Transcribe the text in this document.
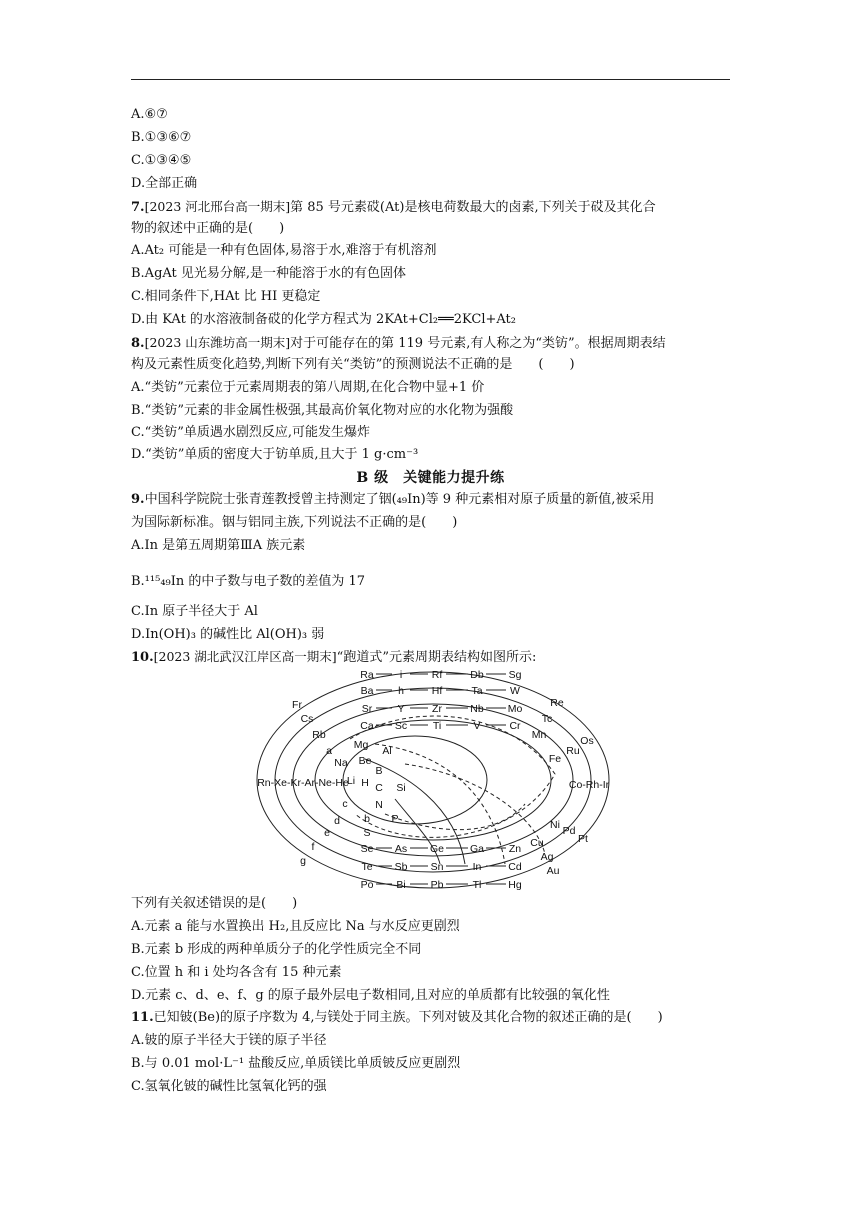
A.⑥⑦
B.①③⑥⑦
C.①③④⑤
D.全部正确
7.[2023 河北邢台高一期末]第 85 号元素砹(At)是核电荷数最大的卤素,下列关于砹及其化合
物的叙述中正确的是(　　)
A.At₂ 可能是一种有色固体,易溶于水,难溶于有机溶剂
B.AgAt 见光易分解,是一种能溶于水的有色固体
C.相同条件下,HAt 比 HI 更稳定
D.由 KAt 的水溶液制备砹的化学方程式为 2KAt+Cl₂══2KCl+At₂
8.[2023 山东潍坊高一期末]对于可能存在的第 119 号元素,有人称之为“类钫”。根据周期表结
构及元素性质变化趋势,判断下列有关“类钫”的预测说法不正确的是　　(　　)
A.“类钫”元素位于元素周期表的第八周期,在化合物中显+1 价
B.“类钫”元素的非金属性极强,其最高价氧化物对应的水化物为强酸
C.“类钫”单质遇水剧烈反应,可能发生爆炸
D.“类钫”单质的密度大于钫单质,且大于 1 g·cm⁻³
B 级　关键能力提升练
9.中国科学院院士张青莲教授曾主持测定了铟(₄₉In)等 9 种元素相对原子质量的新值,被采用
为国际新标准。铟与铝同主族,下列说法不正确的是(　　)
A.In 是第五周期第ⅢA 族元素
B.¹¹⁵₄₉In 的中子数与电子数的差值为 17
C.In 原子半径大于 Al
D.In(OH)₃ 的碱性比 Al(OH)₃ 弱
10.[2023 湖北武汉江岸区高一期末]“跑道式”元素周期表结构如图所示:
Ra i	Rf	Db Sg
Ba h	Hf	Ta	W
Sr Y	Zr	Nb Mo
Ca Sc Ti	V	Cr
Se As Ge Ga Zn
Te Sb Sn	In	Cd
Po Bi Pb	Tl	Hg
Rn-Xe-Kr-Ar-Ne-He
Fr
Cs
Rb
a
Na
Li H
Mg Al
Be
B
C Si
N
P
b
S
c
d
e
f
g
Re
Tc
Mn	Os
Ru
Fe
Co-Rh-Ir
Ni Pd
Pt
Cu
Ag
Au
下列有关叙述错误的是(　　)
A.元素 a 能与水置换出 H₂,且反应比 Na 与水反应更剧烈
B.元素 b 形成的两种单质分子的化学性质完全不同
C.位置 h 和 i 处均各含有 15 种元素
D.元素 c、d、e、f、g 的原子最外层电子数相同,且对应的单质都有比较强的氧化性
11.已知铍(Be)的原子序数为 4,与镁处于同主族。下列对铍及其化合物的叙述正确的是(　　)
A.铍的原子半径大于镁的原子半径
B.与 0.01 mol·L⁻¹ 盐酸反应,单质镁比单质铍反应更剧烈
C.氢氧化铍的碱性比氢氧化钙的强
